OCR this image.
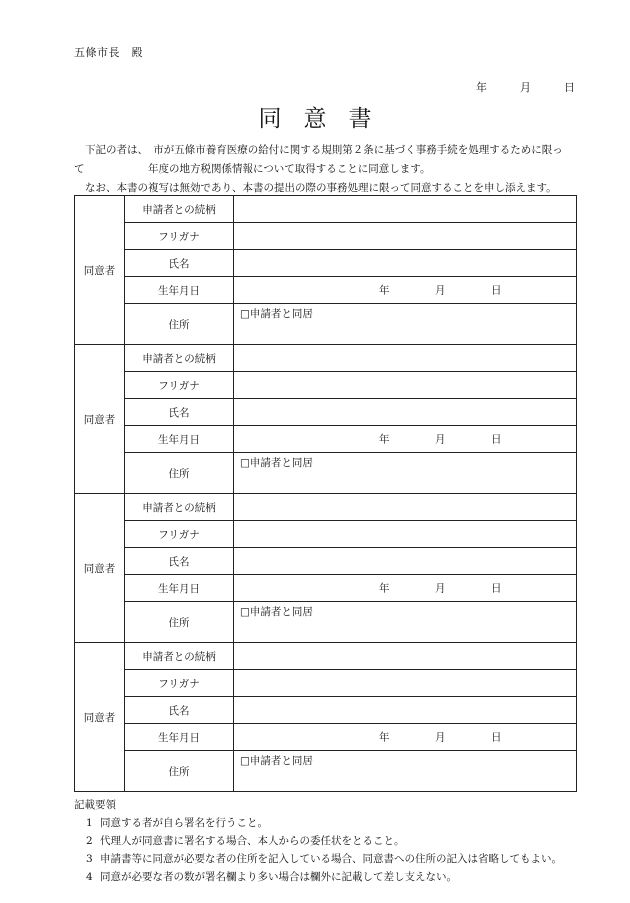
五條市長　殿
年	月	日
同意書
下記の者は、　市が五條市養育医療の給付に関する規則第２条に基づく事務手続を処理するために限っ
て	年度の地方税関係情報について取得することに同意します。
なお、本書の複写は無効であり、本書の提出の際の事務処理に限って同意することを申し添えます。
同意者	申請者との続柄	
	フリガナ	
	氏名	
	生年月日	年 月 日

	住所	□申請者と同居

同意者	申請者との続柄	
	フリガナ	
	氏名	
	生年月日	年 月 日

	住所	□申請者と同居

同意者	申請者との続柄	
	フリガナ	
	氏名	
	生年月日	年 月 日

	住所	□申請者と同居

同意者	申請者との続柄	
	フリガナ	
	氏名	
	生年月日	年 月 日

	住所	□申請者と同居
記載要領
1 同意する者が自ら署名を行うこと。
2 代理人が同意書に署名する場合、本人からの委任状をとること。
3 申請書等に同意が必要な者の住所を記入している場合、同意書への住所の記入は省略してもよい。
4 同意が必要な者の数が署名欄より多い場合は欄外に記載して差し支えない。
